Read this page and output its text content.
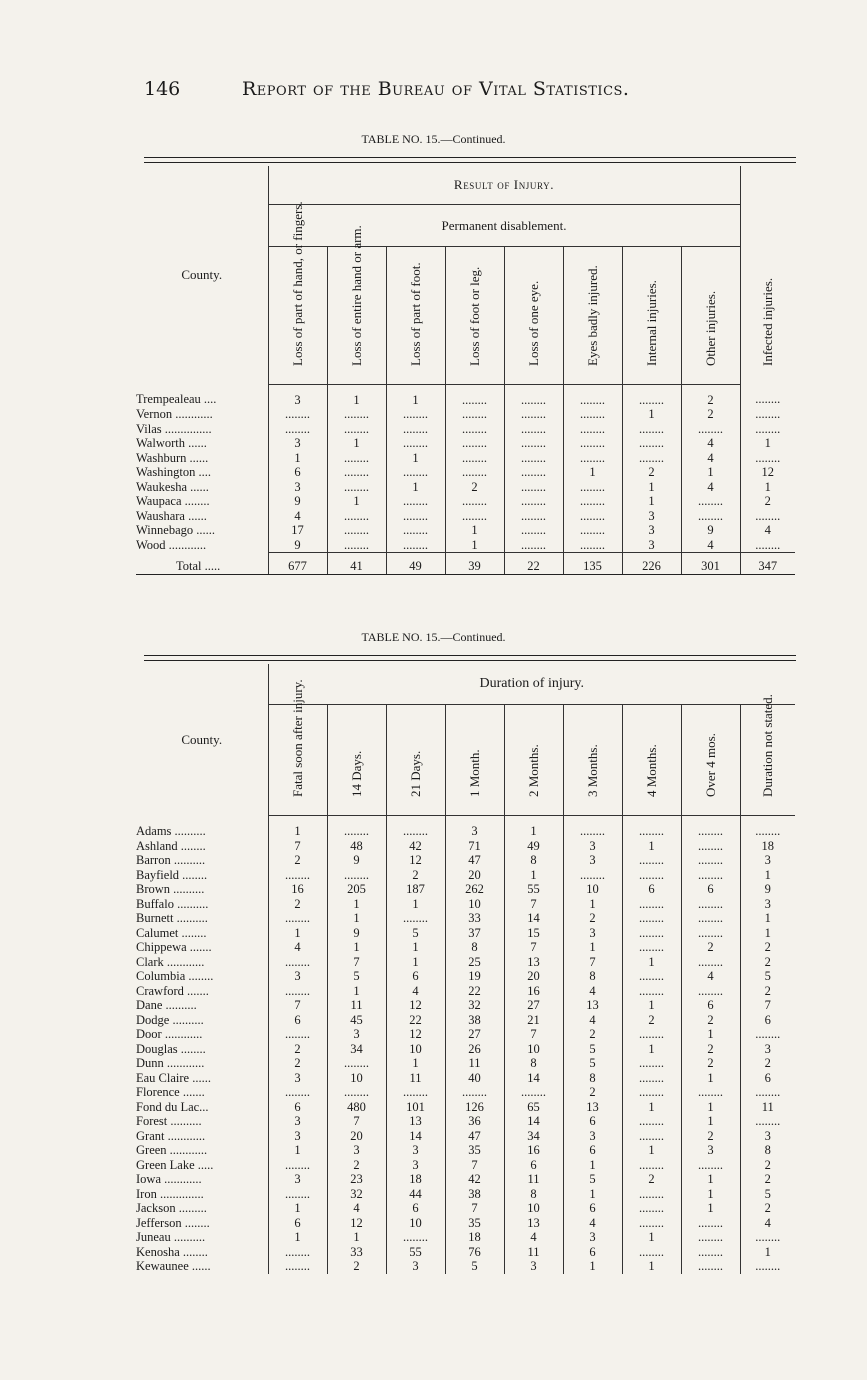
146	Report of the Bureau of Vital Statistics.
TABLE NO. 15.—Continued.
County.	Result of Injury.								Infected injuries.

	Permanent disablement.								

	Loss of part of hand, or fingers.	Loss of entire hand or arm.	Loss of part of foot.	Loss of foot or leg.	Loss of one eye.	Eyes badly injured.	Internal injuries.	Other injuries.	

Trempealeau ....	3	1	1	........	........	........	........	2	........
Vernon ............	........	........	........	........	........	........	1	2	........
Vilas ...............	........	........	........	........	........	........	........	........	........
Walworth ......	3	1	........	........	........	........	........	4	1
Washburn ......	1	........	1	........	........	........	........	4	........
Washington ....	6	........	........	........	........	1	2	1	12
Waukesha ......	3	........	1	2	........	........	1	4	1
Waupaca ........	9	1	........	........	........	........	1	........	2
Waushara ......	4	........	........	........	........	........	3	........	........
Winnebago ......	17	........	........	1	........	........	3	9	4
Wood ............	9	........	........	1	........	........	3	4	........
Total .....	677	41	49	39	22	135	226	301	347
TABLE NO. 15.—Continued.
County.	Duration of injury.								

	Fatal soon after injury.	14 Days.	21 Days.	1 Month.	2 Months.	3 Months.	4 Months.	Over 4 mos.	Duration not stated.

Adams ..........	1	........	........	3	1	........	........	........	........
Ashland ........	7	48	42	71	49	3	1	........	18
Barron ..........	2	9	12	47	8	3	........	........	3
Bayfield ........	........	........	2	20	1	........	........	........	1
Brown ..........	16	205	187	262	55	10	6	6	9
Buffalo ..........	2	1	1	10	7	1	........	........	3
Burnett ..........	........	1	........	33	14	2	........	........	1
Calumet ........	1	9	5	37	15	3	........	........	1
Chippewa .......	4	1	1	8	7	1	........	2	2
Clark ............	........	7	1	25	13	7	1	........	2
Columbia ........	3	5	6	19	20	8	........	4	5
Crawford .......	........	1	4	22	16	4	........	........	2
Dane ..........	7	11	12	32	27	13	1	6	7
Dodge ..........	6	45	22	38	21	4	2	2	6
Door ............	........	3	12	27	7	2	........	1	........
Douglas ........	2	34	10	26	10	5	1	2	3
Dunn ............	2	........	1	11	8	5	........	2	2
Eau Claire ......	3	10	11	40	14	8	........	1	6
Florence .......	........	........	........	........	........	2	........	........	........
Fond du Lac...	6	480	101	126	65	13	1	1	11
Forest ..........	3	7	13	36	14	6	........	1	........
Grant ............	3	20	14	47	34	3	........	2	3
Green ............	1	3	3	35	16	6	1	3	8
Green Lake .....	........	2	3	7	6	1	........	........	2
Iowa ............	3	23	18	42	11	5	2	1	2
Iron ..............	........	32	44	38	8	1	........	1	5
Jackson .........	1	4	6	7	10	6	........	1	2
Jefferson ........	6	12	10	35	13	4	........	........	4
Juneau ..........	1	1	........	18	4	3	1	........	........
Kenosha ........	........	33	55	76	11	6	........	........	1
Kewaunee ......	........	2	3	5	3	1	1	........	........
